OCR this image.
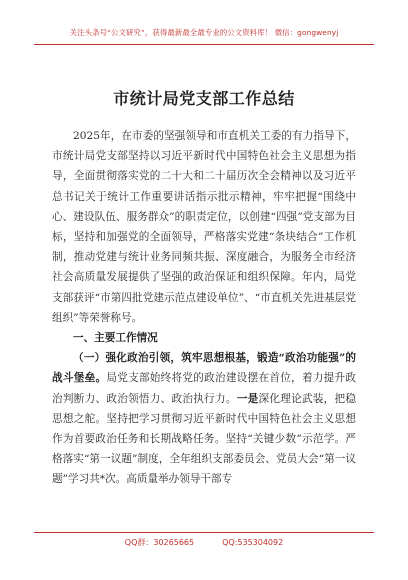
关注头条号“公文研究”，获得最新最全最专业的公文资料库！ 微信：gongwenyj
市统计局党支部工作总结

2025年，在市委的坚强领导和市直机关工委的有力指导下，市统计局党支部坚持以习近平新时代中国特色社会主义思想为指导，全面贯彻落实党的二十大和二十届历次全会精神以及习近平总书记关于统计工作重要讲话指示批示精神，牢牢把握“围绕中心、建设队伍、服务群众”的职责定位，以创建“四强”党支部为目标，坚持和加强党的全面领导，严格落实党建“条块结合”工作机制，推动党建与统计业务同频共振、深度融合，为服务全市经济社会高质量发展提供了坚强的政治保证和组织保障。年内，局党支部获评“市第四批党建示范点建设单位”、“市直机关先进基层党组织”等荣誉称号。

一、主要工作情况

（一）强化政治引领，筑牢思想根基，锻造“政治功能强”的战斗堡垒。局党支部始终将党的政治建设摆在首位，着力提升政治判断力、政治领悟力、政治执行力。一是深化理论武装，把稳思想之舵。坚持把学习贯彻习近平新时代中国特色社会主义思想作为首要政治任务和长期战略任务。坚持“关键少数”示范学。严格落实“第一议题”制度，全年组织支部委员会、党员大会“第一议题”学习共*次。高质量举办领导干部专

QQ群：30265665	QQ:535304092
